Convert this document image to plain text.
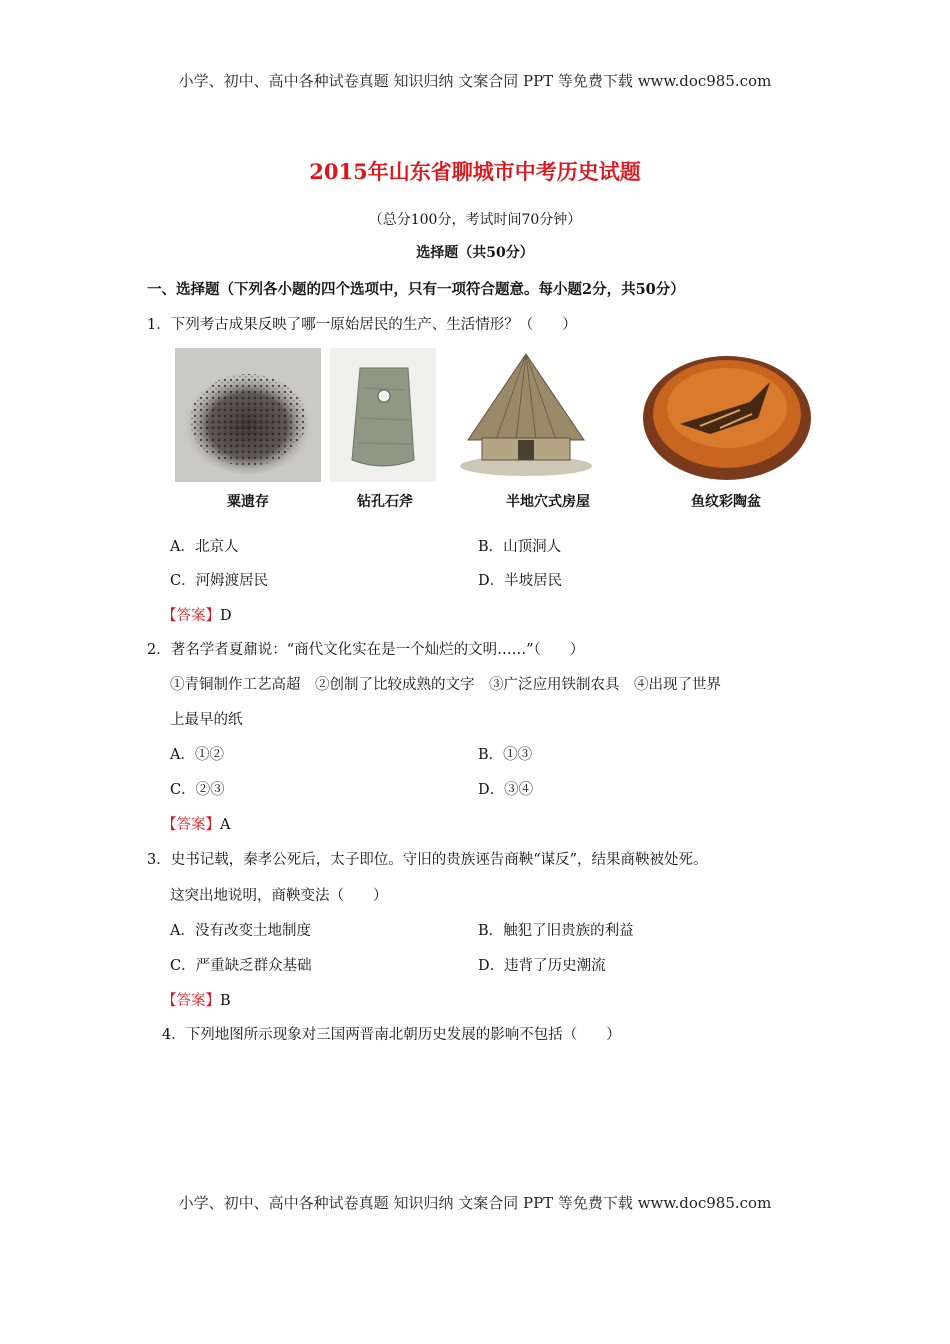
小学、初中、高中各种试卷真题 知识归纳 文案合同 PPT 等免费下载 www.doc985.com
2015年山东省聊城市中考历史试题
（总分100分，考试时间70分钟）
选择题（共50分）
一、选择题（下列各小题的四个选项中，只有一项符合题意。每小题2分，共50分）
1．下列考古成果反映了哪一原始居民的生产、生活情形？（　　）
粟遗存	钻孔石斧	半地穴式房屋	鱼纹彩陶盆
A．北京人	B．山顶洞人
C．河姆渡居民	D．半坡居民
【答案】D
2．著名学者夏鼐说：“商代文化实在是一个灿烂的文明……”（　　）
①青铜制作工艺高超　②创制了比较成熟的文字　③广泛应用铁制农具　④出现了世界
上最早的纸
A．①②	B．①③
C．②③	D．③④
【答案】A
3．史书记载，秦孝公死后，太子即位。守旧的贵族诬告商鞅“谋反”，结果商鞅被处死。
这突出地说明，商鞅变法（　　）
A．没有改变土地制度	B．触犯了旧贵族的利益
C．严重缺乏群众基础	D．违背了历史潮流
【答案】B
4．下列地图所示现象对三国两晋南北朝历史发展的影响不包括（　　）
小学、初中、高中各种试卷真题 知识归纳 文案合同 PPT 等免费下载 www.doc985.com
